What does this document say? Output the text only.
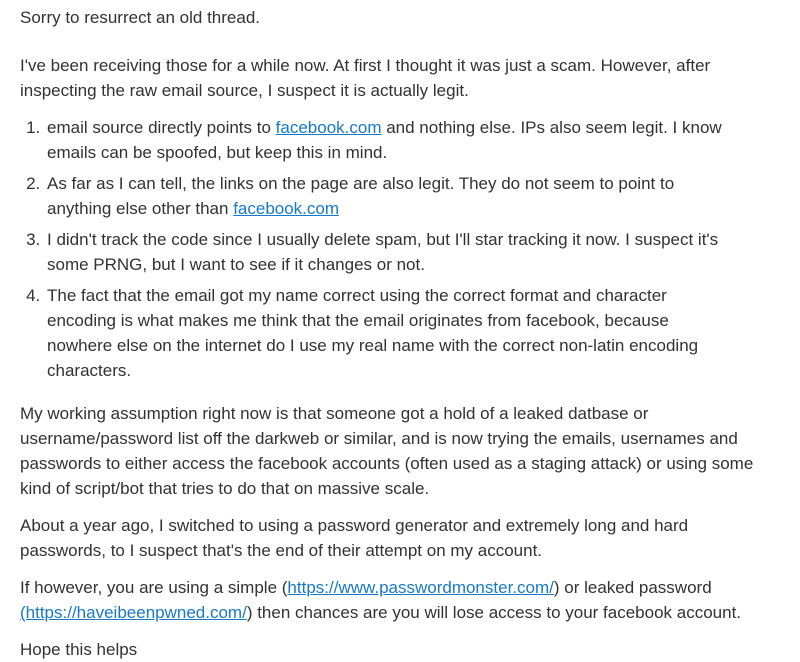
Sorry to resurrect an old thread.

I've been receiving those for a while now. At first I thought it was just a scam. However, after
inspecting the raw email source, I suspect it is actually legit.

1. email source directly points to facebook.com and nothing else. IPs also seem legit. I know
emails can be spoofed, but keep this in mind.
2. As far as I can tell, the links on the page are also legit. They do not seem to point to
anything else other than facebook.com
3. I didn't track the code since I usually delete spam, but I'll star tracking it now. I suspect it's
some PRNG, but I want to see if it changes or not.
4. The fact that the email got my name correct using the correct format and character
encoding is what makes me think that the email originates from facebook, because
nowhere else on the internet do I use my real name with the correct non-latin encoding
characters.

My working assumption right now is that someone got a hold of a leaked datbase or
username/password list off the darkweb or similar, and is now trying the emails, usernames and
passwords to either access the facebook accounts (often used as a staging attack) or using some
kind of script/bot that tries to do that on massive scale.

About a year ago, I switched to using a password generator and extremely long and hard
passwords, to I suspect that's the end of their attempt on my account.

If however, you are using a simple (https://www.passwordmonster.com/) or leaked password
(https://haveibeenpwned.com/) then chances are you will lose access to your facebook account.

Hope this helps
